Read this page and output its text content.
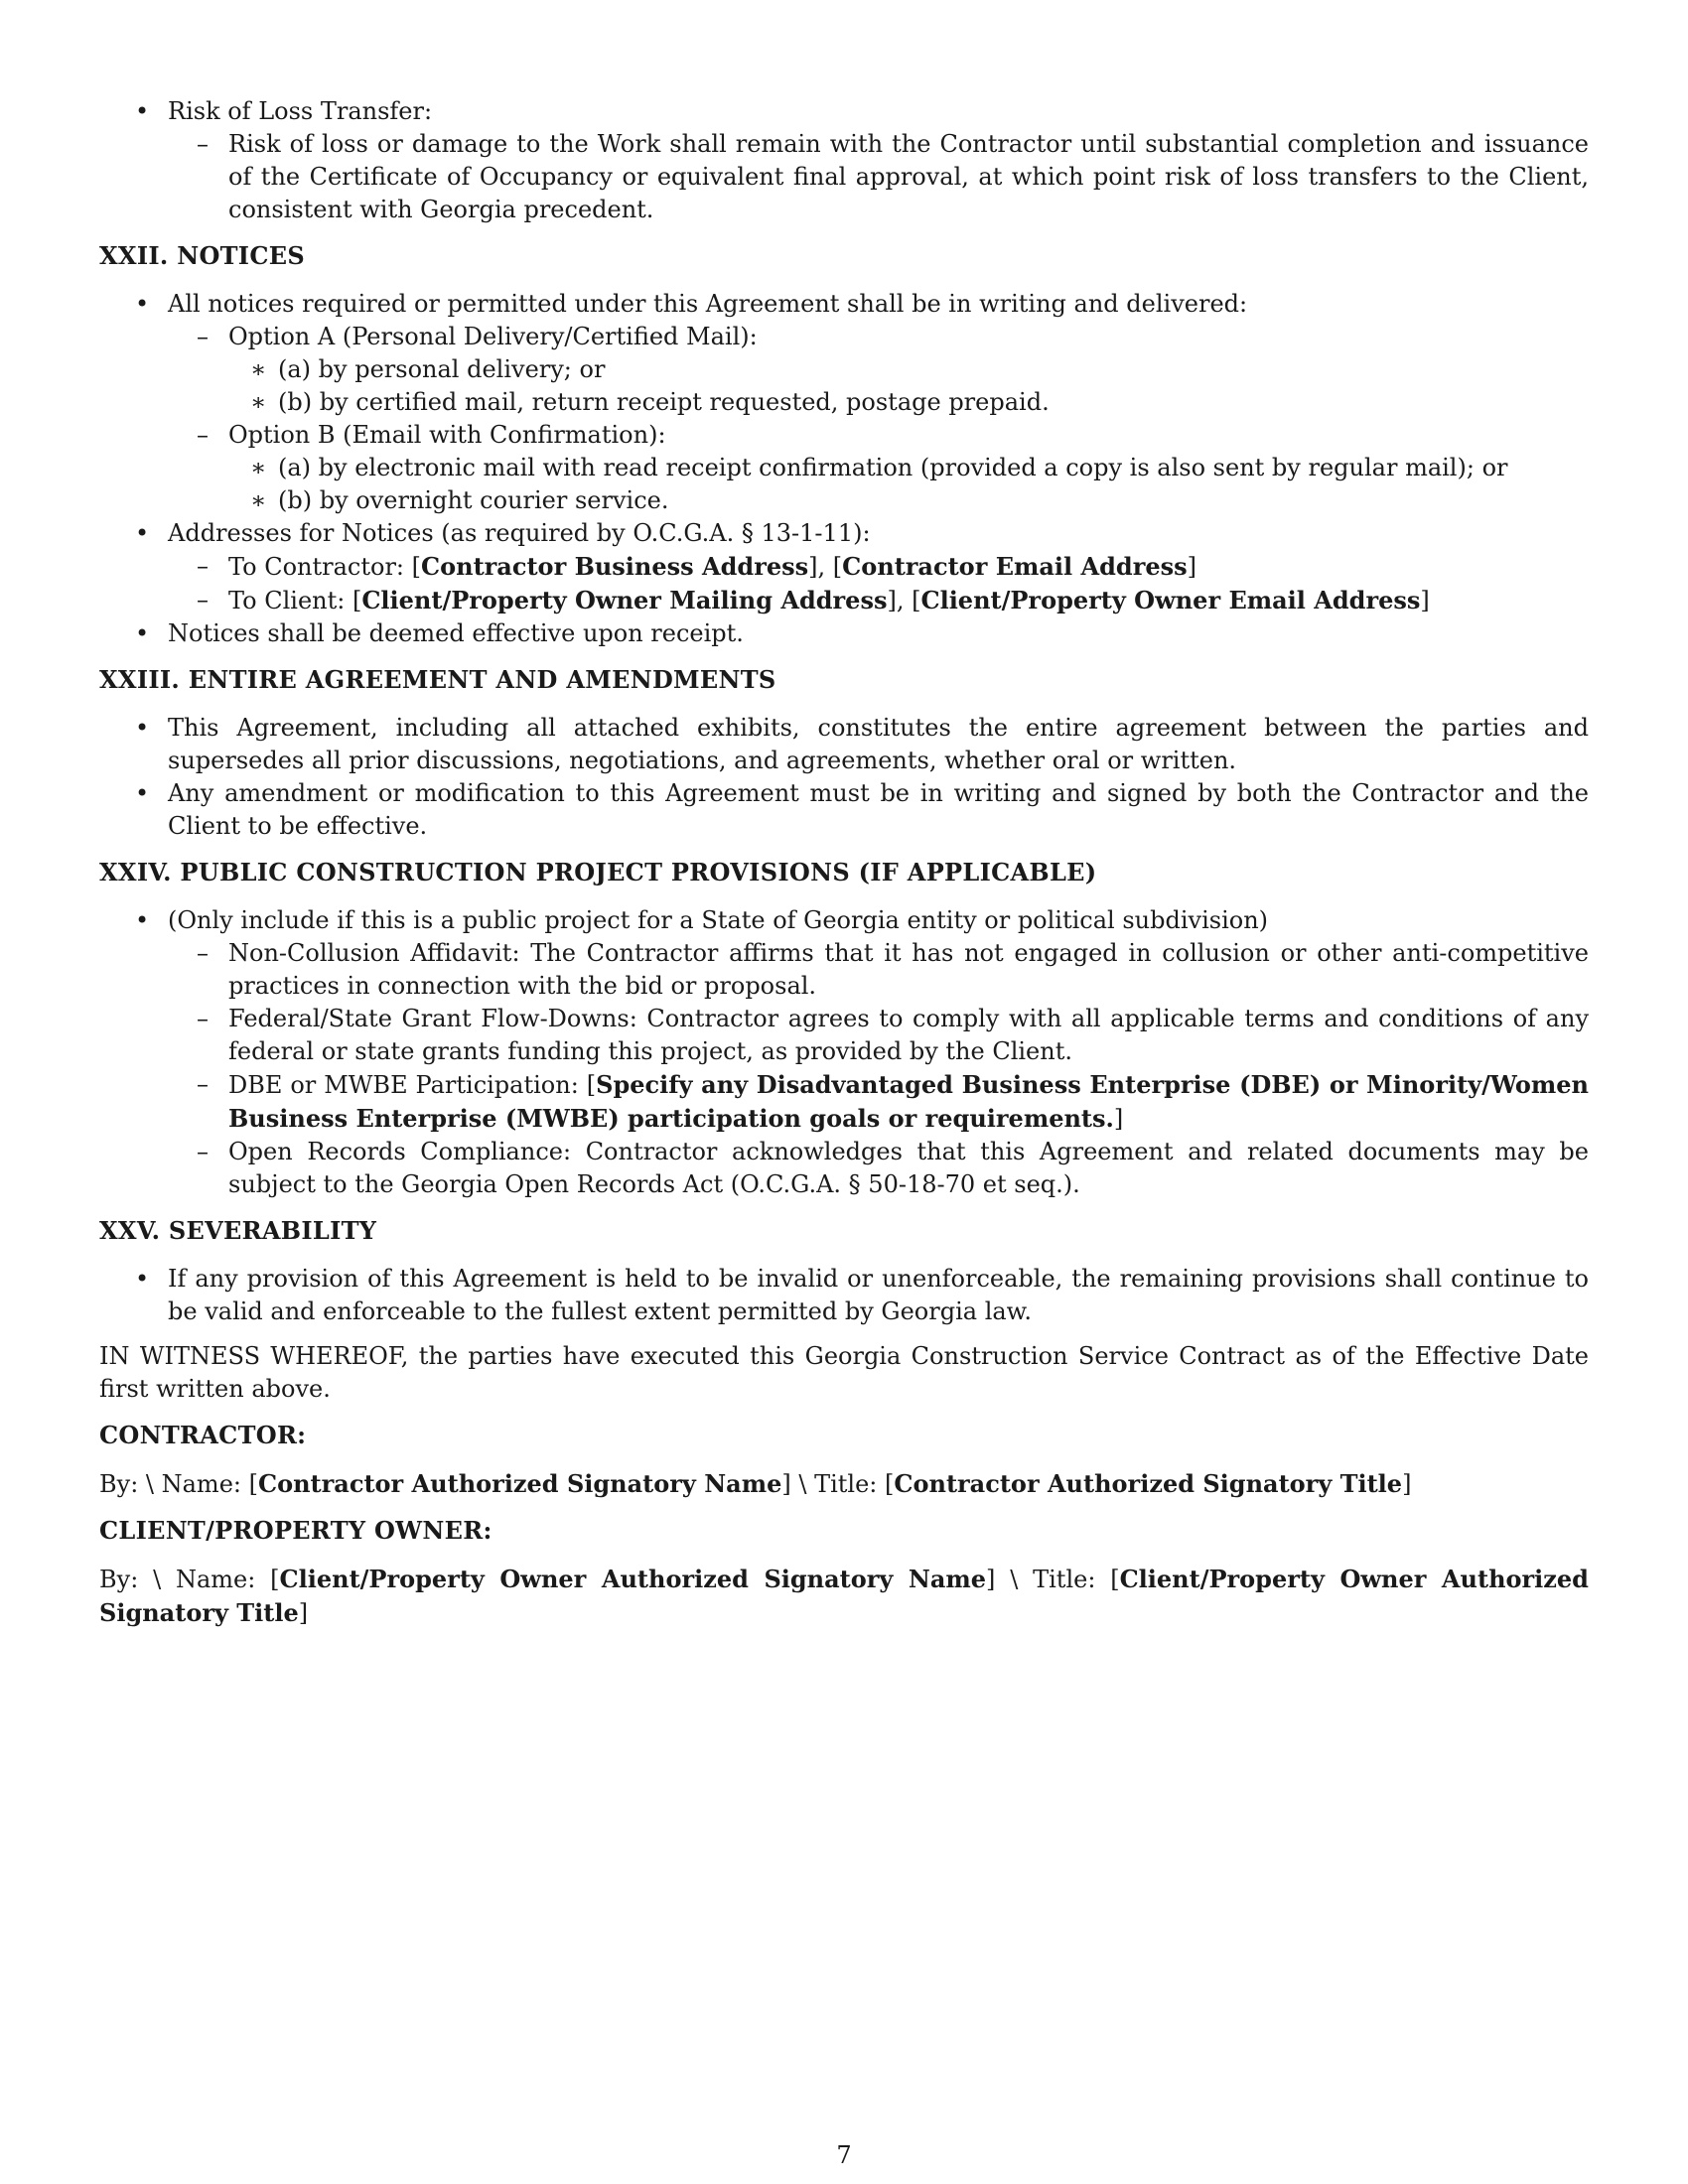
• Risk of Loss Transfer:
– Risk of loss or damage to the Work shall remain with the Contractor until substantial completion and issuance of the Certificate of Occupancy or equivalent final approval, at which point risk of loss transfers to the Client, consistent with Georgia precedent.
XXII. NOTICES
• All notices required or permitted under this Agreement shall be in writing and delivered:
– Option A (Personal Delivery/Certified Mail):
∗ (a) by personal delivery; or
∗ (b) by certified mail, return receipt requested, postage prepaid.
– Option B (Email with Confirmation):
∗ (a) by electronic mail with read receipt confirmation (provided a copy is also sent by regular mail); or
∗ (b) by overnight courier service.
• Addresses for Notices (as required by O.C.G.A. § 13-1-11):
– To Contractor: [Contractor Business Address], [Contractor Email Address]
– To Client: [Client/Property Owner Mailing Address], [Client/Property Owner Email Address]
• Notices shall be deemed effective upon receipt.
XXIII. ENTIRE AGREEMENT AND AMENDMENTS
• This Agreement, including all attached exhibits, constitutes the entire agreement between the parties and supersedes all prior discussions, negotiations, and agreements, whether oral or written.
• Any amendment or modification to this Agreement must be in writing and signed by both the Contractor and the Client to be effective.
XXIV. PUBLIC CONSTRUCTION PROJECT PROVISIONS (IF APPLICABLE)
• (Only include if this is a public project for a State of Georgia entity or political subdivision)
– Non-Collusion Affidavit: The Contractor affirms that it has not engaged in collusion or other anti-competitive practices in connection with the bid or proposal.
– Federal/State Grant Flow-Downs: Contractor agrees to comply with all applicable terms and conditions of any federal or state grants funding this project, as provided by the Client.
– DBE or MWBE Participation: [Specify any Disadvantaged Business Enterprise (DBE) or Minority/Women Business Enterprise (MWBE) participation goals or requirements.]
– Open Records Compliance: Contractor acknowledges that this Agreement and related documents may be subject to the Georgia Open Records Act (O.C.G.A. § 50-18-70 et seq.).
XXV. SEVERABILITY
• If any provision of this Agreement is held to be invalid or unenforceable, the remaining provisions shall continue to be valid and enforceable to the fullest extent permitted by Georgia law.
IN WITNESS WHEREOF, the parties have executed this Georgia Construction Service Contract as of the Effective Date first written above.
CONTRACTOR:
By: \ Name: [Contractor Authorized Signatory Name] \ Title: [Contractor Authorized Signatory Title]
CLIENT/PROPERTY OWNER:
By: \ Name: [Client/Property Owner Authorized Signatory Name] \ Title: [Client/Property Owner Authorized Signatory Title]
7
